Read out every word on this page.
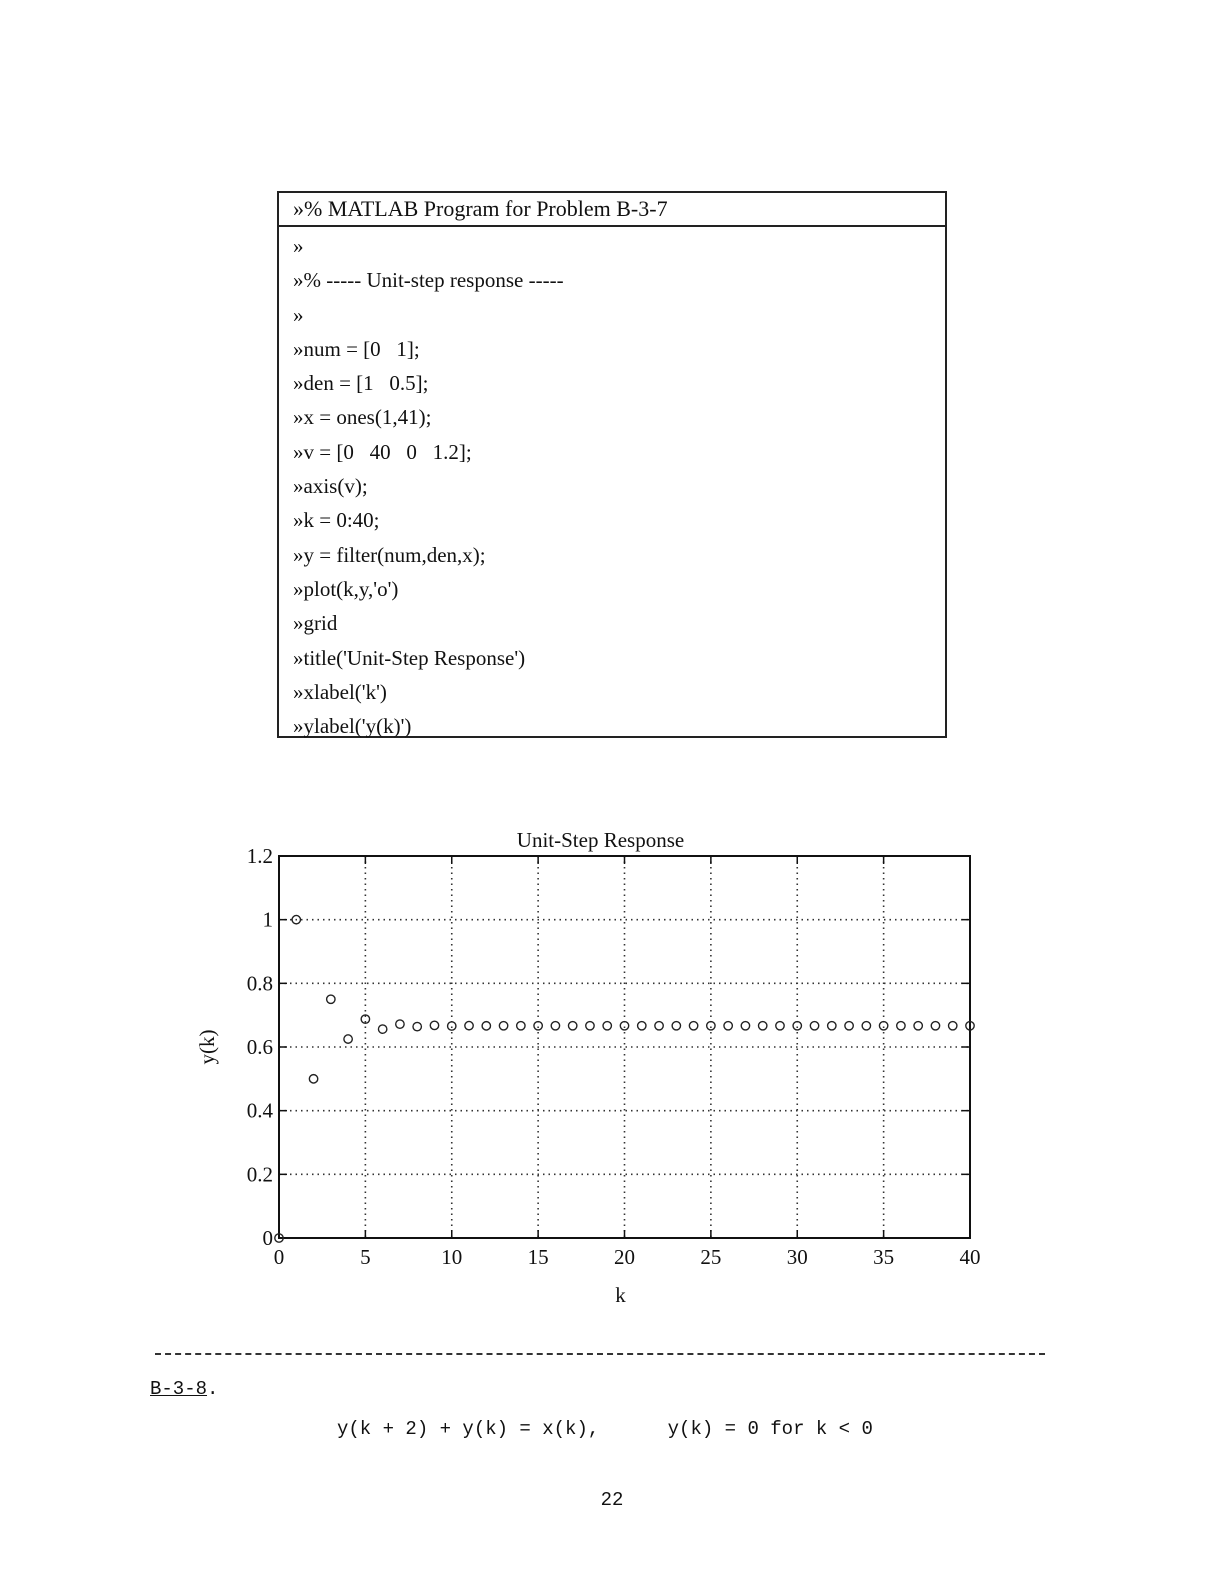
»% MATLAB Program for Problem B-3-7
»
»% ----- Unit-step response -----
»
»num = [0   1];
»den = [1   0.5];
»x = ones(1,41);
»v = [0   40   0   1.2];
»axis(v);
»k = 0:40;
»y = filter(num,den,x);
»plot(k,y,'o')
»grid
»title('Unit-Step Response')
»xlabel('k')
»ylabel('y(k)')
0	5	10	15	20	25	30	35	40
0
0.2
0.4
0.6
0.8
1
1.2
Unit-Step Response
k
y(k)
B-3-8.
y(k + 2) + y(k) = x(k),      y(k) = 0 for k < 0
22
